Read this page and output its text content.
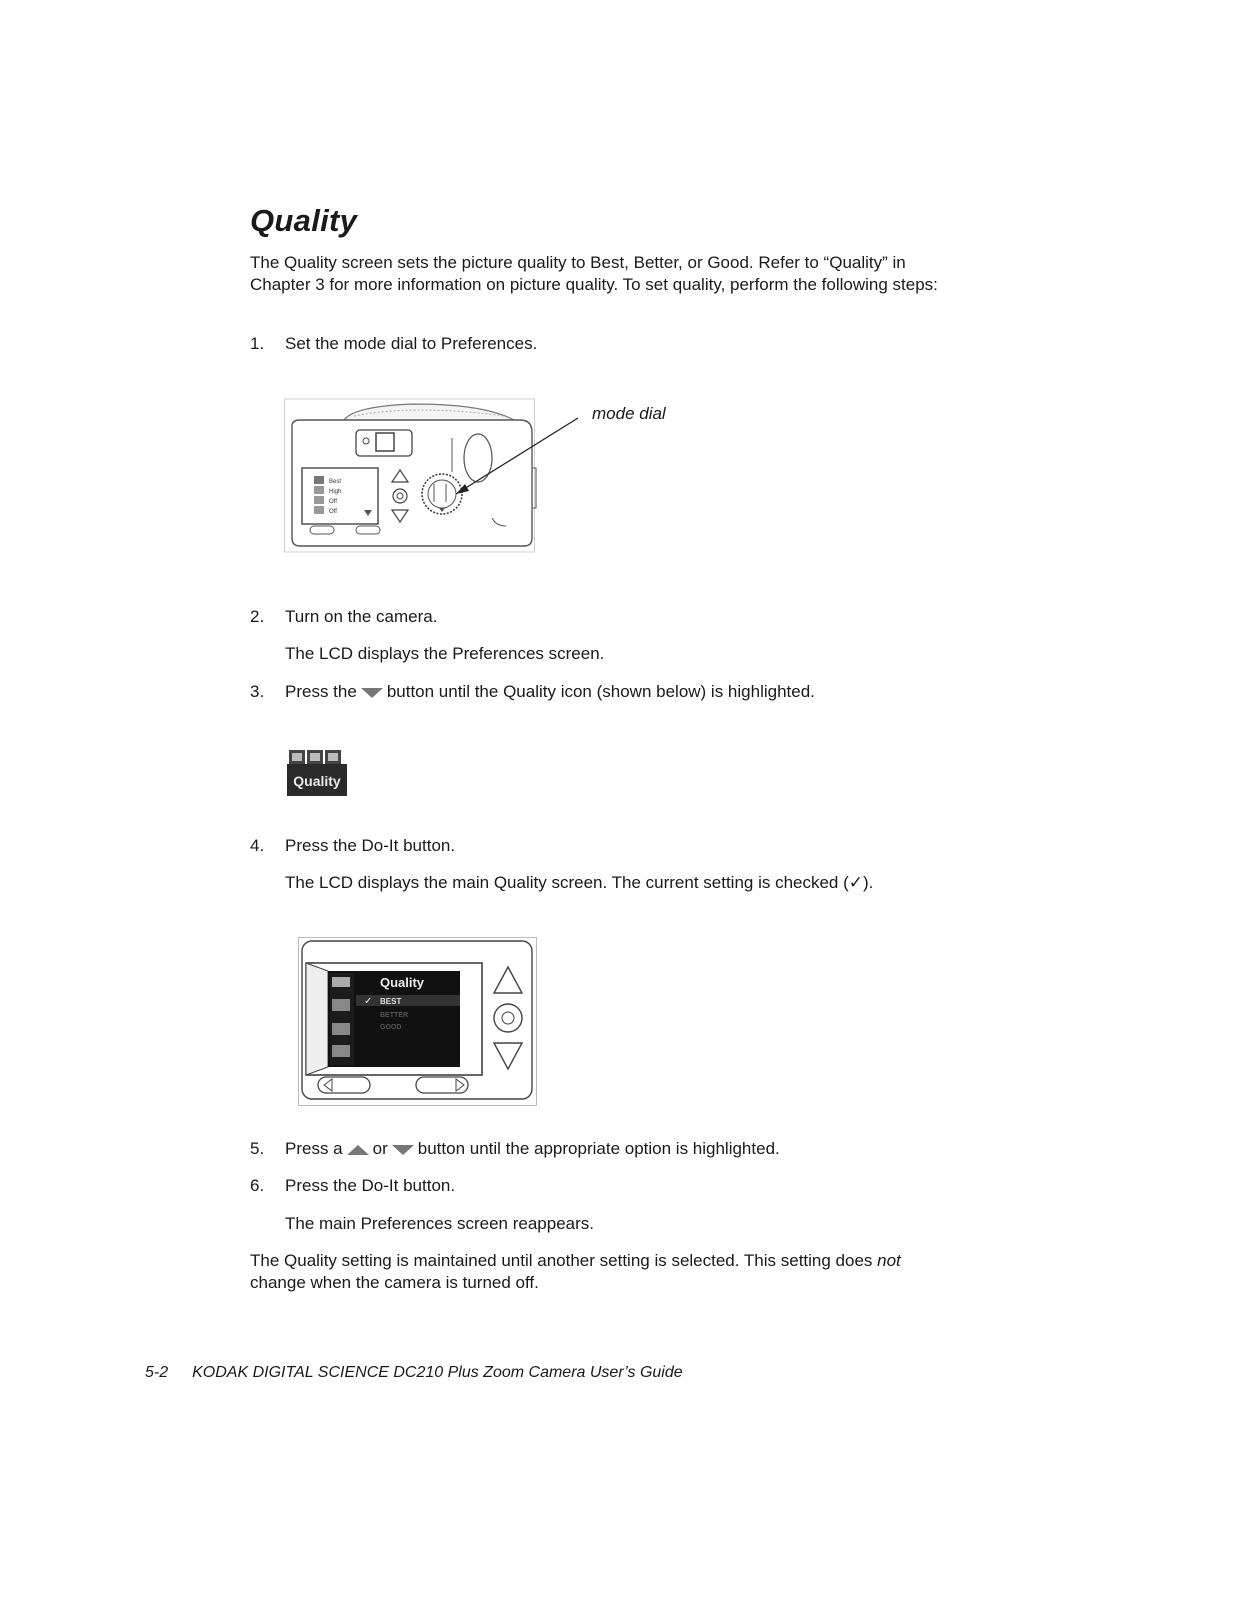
Quality

The Quality screen sets the picture quality to Best, Better, or Good. Refer to “Quality” in Chapter 3 for more information on picture quality. To set quality, perform the following steps:

1. Set the mode dial to Preferences.
Best
High
Off
Off
mode dial
2. Turn on the camera.
The LCD displays the Preferences screen.
3. Press the button until the Quality icon (shown below) is highlighted.
Quality
4. Press the Do-It button.
The LCD displays the main Quality screen. The current setting is checked (✓).
Quality
✓ BEST
BETTER
GOOD
5. Press a or button until the appropriate option is highlighted.
6. Press the Do-It button.
The main Preferences screen reappears.

The Quality setting is maintained until another setting is selected. This setting does not change when the camera is turned off.

5-2 KODAK DIGITAL SCIENCE DC210 Plus Zoom Camera User’s Guide
